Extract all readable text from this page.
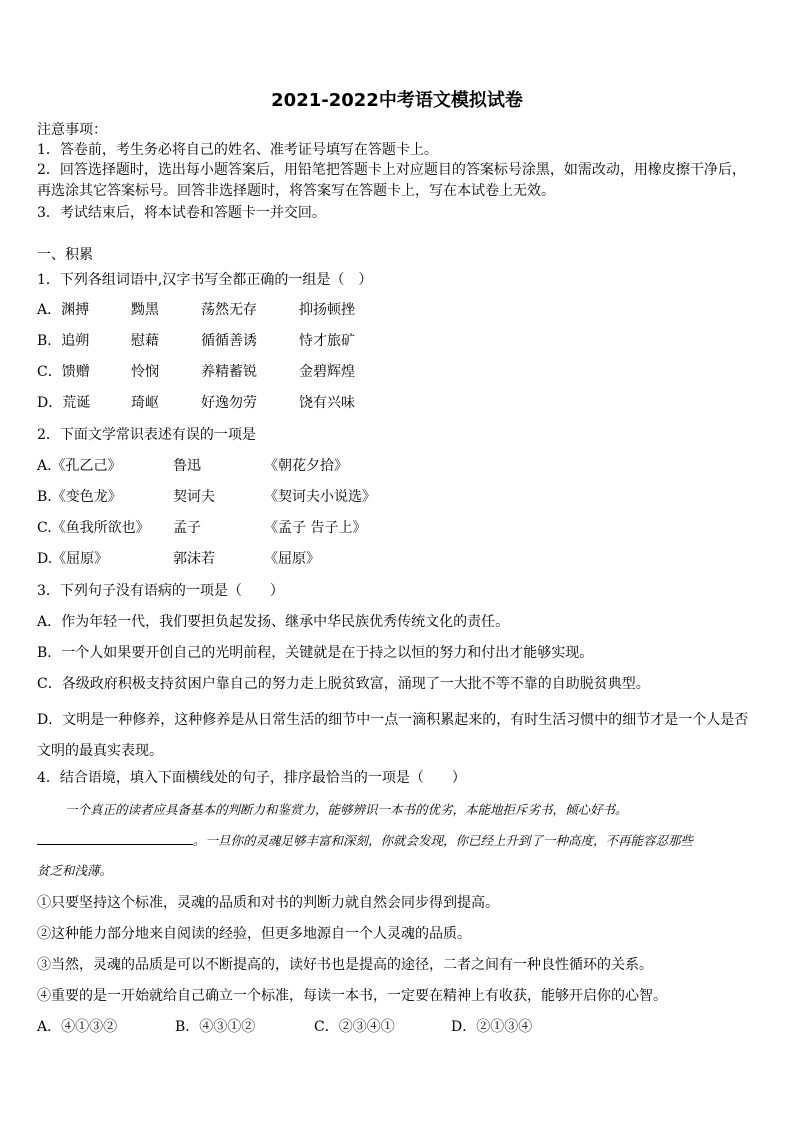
2021-2022中考语文模拟试卷
注意事项：
1．答卷前，考生务必将自己的姓名、准考证号填写在答题卡上。
2．回答选择题时，选出每小题答案后，用铅笔把答题卡上对应题目的答案标号涂黑，如需改动，用橡皮擦干净后，再选涂其它答案标号。回答非选择题时，将答案写在答题卡上，写在本试卷上无效。
3．考试结束后，将本试卷和答题卡一并交回。
一、积累
1．下列各组词语中,汉字书写全都正确的一组是（　）
A．渊搏	黝黑	荡然无存	抑扬顿挫
B．追朔	慰藉	循循善诱	恃才旅矿
C．馈赠	怜悯	养精蓄锐	金碧辉煌
D．荒诞	琦岖	好逸勿劳	饶有兴味
2．下面文学常识表述有误的一项是
A.《孔乙己》	鲁迅	《朝花夕拾》
B.《变色龙》	契诃夫	《契诃夫小说选》
C.《鱼我所欲也》 孟子	《孟子 告子上》
D.《屈原》	郭沫若	《屈原》
3．下列句子没有语病的一项是（　　）
A．作为年轻一代，我们要担负起发扬、继承中华民族优秀传统文化的责任。
B．一个人如果要开创自己的光明前程，关键就是在于持之以恒的努力和付出才能够实现。
C．各级政府积极支持贫困户靠自己的努力走上脱贫致富，涌现了一大批不等不靠的自助脱贫典型。
D．文明是一种修养，这种修养是从日常生活的细节中一点一滴积累起来的，有时生活习惯中的细节才是一个人是否文明的最真实表现。
4．结合语境，填入下面横线处的句子，排序最恰当的一项是（　　）
一个真正的读者应具备基本的判断力和鉴赏力，能够辨识一本书的优劣，本能地拒斥劣书，倾心好书。
。一旦你的灵魂足够丰富和深刻，你就会发现，你已经上升到了一种高度，不再能容忍那些
贫乏和浅薄。
①只要坚持这个标准，灵魂的品质和对书的判断力就自然会同步得到提高。
②这种能力部分地来自阅读的经验，但更多地源自一个人灵魂的品质。
③当然，灵魂的品质是可以不断提高的，读好书也是提高的途径，二者之间有一种良性循环的关系。
④重要的是一开始就给自己确立一个标准，每读一本书，一定要在精神上有收获，能够开启你的心智。
A．④①③②	B．④③①②	C．②③④①	D．②①③④
